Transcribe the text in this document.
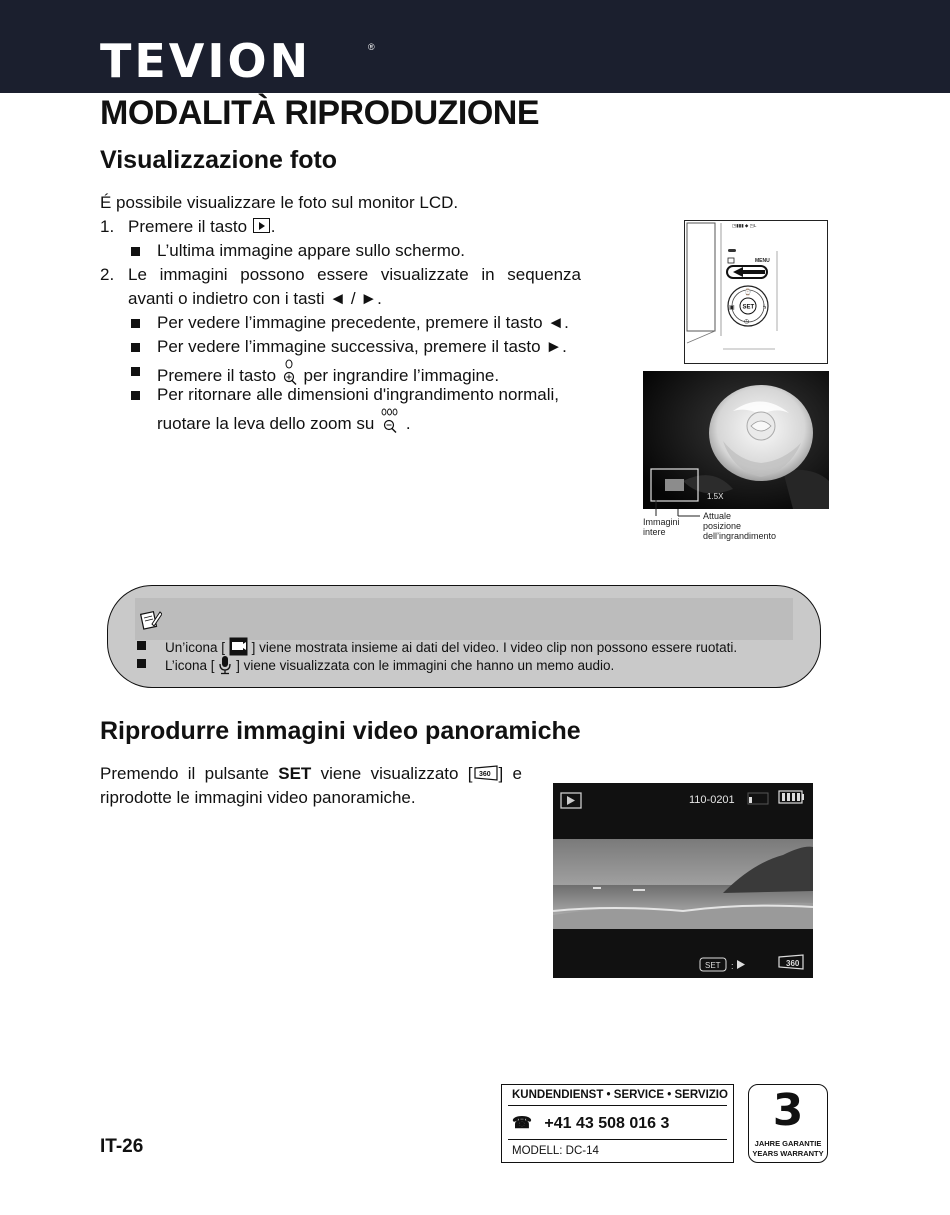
TEVION	®
MODALITÀ RIPRODUZIONE
Visualizzazione foto
É possibile visualizzare le foto sul monitor LCD.
1. Premere il tasto .
L’ultima immagine appare sullo schermo.
2. Le immagini possono essere visualizzate in sequenza
avanti o indietro con i tasti ◄ / ►.
Per vedere l’immagine precedente, premere il tasto ◄.
Per vedere l’immagine successiva, premere il tasto ►.
Premere il tasto per ingrandire l’immagine.
Per ritornare alle dimensioni d'ingrandimento normali,
ruotare la leva dello zoom su .
◳▮▮▮ ◆ ◳L
MENU
SET
⌚
◷
ϟ
▣
1.5X
Immagini
intere
Attuale
posizione
dell’ingrandimento
Un’icona [ ] viene mostrata insieme ai dati del video. I video clip non possono essere ruotati.
L’icona [ ] viene visualizzata con le immagini che hanno un memo audio.
Riprodurre immagini video panoramiche
Premendo il pulsante SET viene visualizzato [ 360 ] e
riprodotte le immagini video panoramiche.	110-0201
SET :	360
IT-26
KUNDENDIENST • SERVICE • SERVIZIO
☎ +41 43 508 016 3
MODELL: DC-14
3
JAHRE GARANTIE
YEARS WARRANTY
